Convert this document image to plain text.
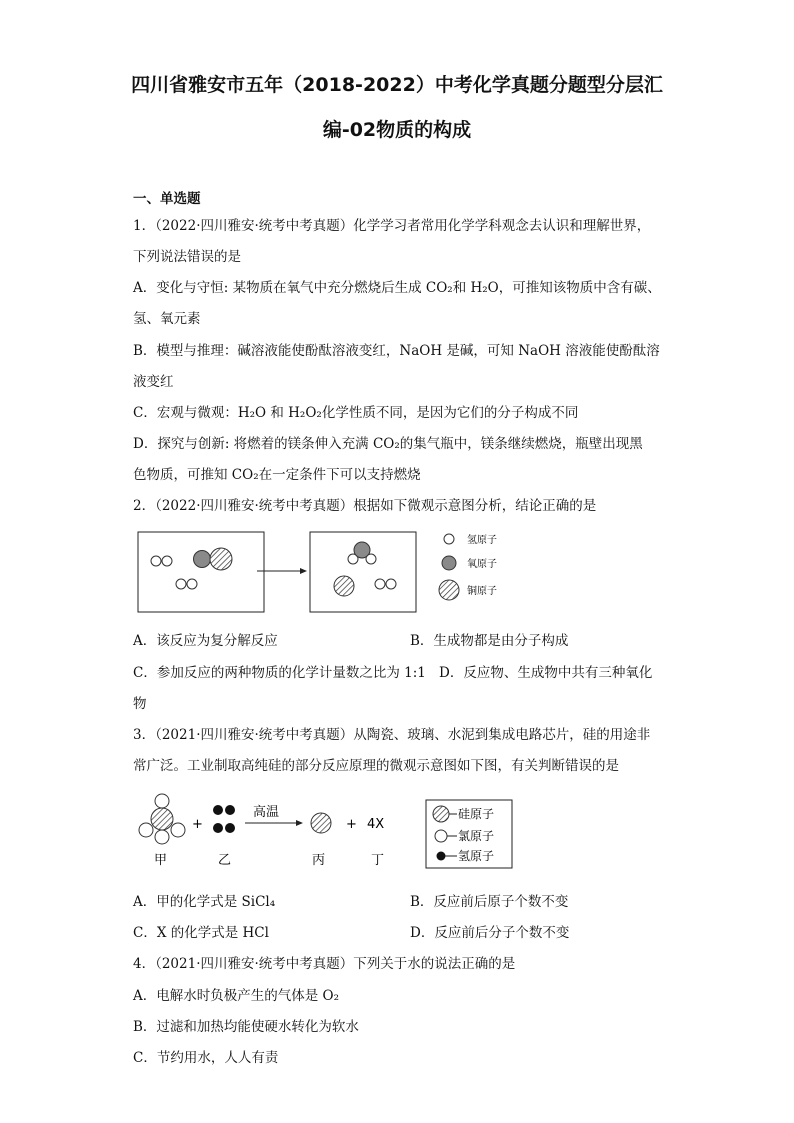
四川省雅安市五年（2018-2022）中考化学真题分题型分层汇
编-02物质的构成
一、单选题
1．（2022·四川雅安·统考中考真题）化学学习者常用化学学科观念去认识和理解世界，
下列说法错误的是
A．变化与守恒: 某物质在氧气中充分燃烧后生成 CO₂和 H₂O，可推知该物质中含有碳、
氢、氧元素
B．模型与推理：碱溶液能使酚酞溶液变红，NaOH 是碱，可知 NaOH 溶液能使酚酞溶
液变红
C．宏观与微观：H₂O 和 H₂O₂化学性质不同，是因为它们的分子构成不同
D．探究与创新: 将燃着的镁条伸入充满 CO₂的集气瓶中，镁条继续燃烧，瓶壁出现黑
色物质，可推知 CO₂在一定条件下可以支持燃烧
2．（2022·四川雅安·统考中考真题）根据如下微观示意图分析，结论正确的是
氢原子
氧原子
铜原子
A．该反应为复分解反应	B．生成物都是由分子构成
C．参加反应的两种物质的化学计量数之比为 1:1 D．反应物、生成物中共有三种氧化
物
3．（2021·四川雅安·统考中考真题）从陶瓷、玻璃、水泥到集成电路芯片，硅的用途非
常广泛。工业制取高纯硅的部分反应原理的微观示意图如下图，有关判断错误的是
+
高温
+ 4X
甲	乙	丙	丁
硅原子
氯原子
氢原子
A．甲的化学式是 SiCl₄	B．反应前后原子个数不变
C．X 的化学式是 HCl	D．反应前后分子个数不变
4．（2021·四川雅安·统考中考真题）下列关于水的说法正确的是
A．电解水时负极产生的气体是 O₂
B．过滤和加热均能使硬水转化为软水
C．节约用水，人人有责
